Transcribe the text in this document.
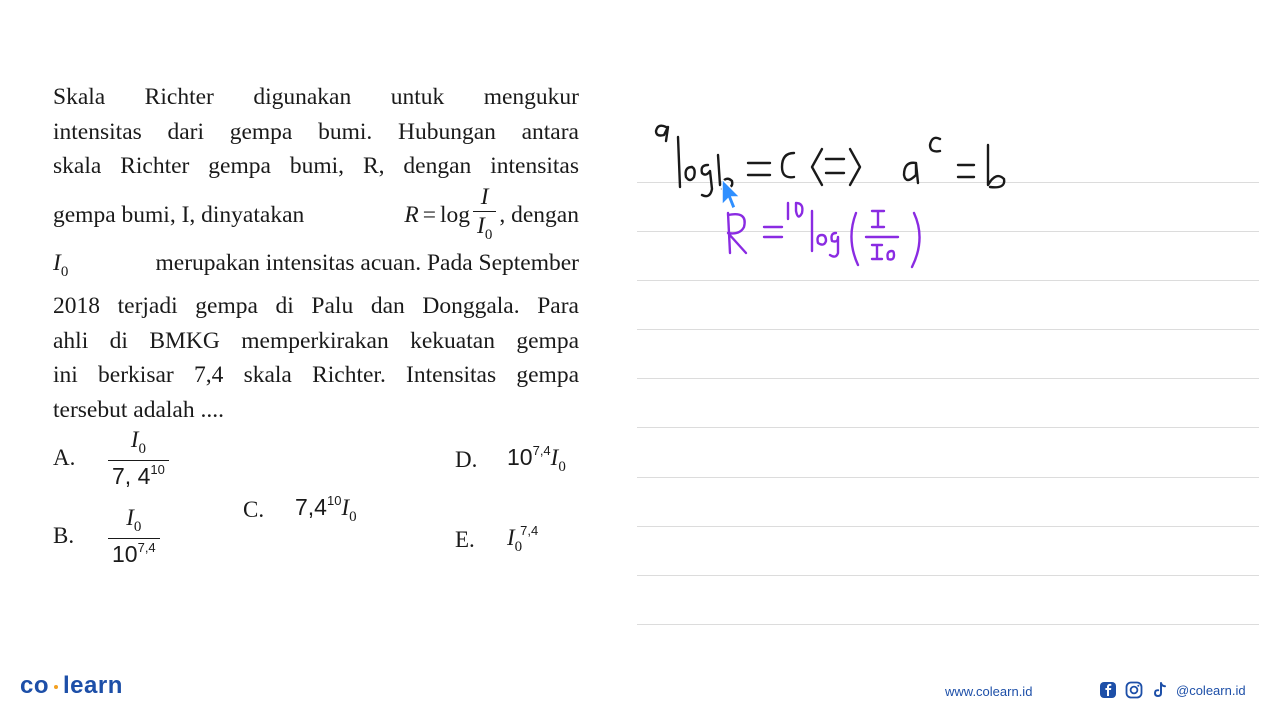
Skala Richter digunakan untuk mengukur
intensitas dari gempa bumi. Hubungan antara
skala Richter gempa bumi, R, dengan intensitas
gempa bumi, I, dinyatakan	$R = \log \frac{I}{I_0}$ , dengan
$I_0$	merupakan intensitas acuan. Pada September
2018 terjadi gempa di Palu dan Donggala. Para
ahli di BMKG memperkirakan kekuatan gempa
ini berkisar 7,4 skala Richter. Intensitas gempa
tersebut adalah ....
A.	$\frac{I_0}{7, 4^{10}}$
B.	$\frac{I_0}{10^{7,4}}$	C.	$7,4^{10}I_0$
D.	$10^{7,4}I_0$
E.	$I_0^{7,4}$
co learn	www.colearn.id	@colearn.id
